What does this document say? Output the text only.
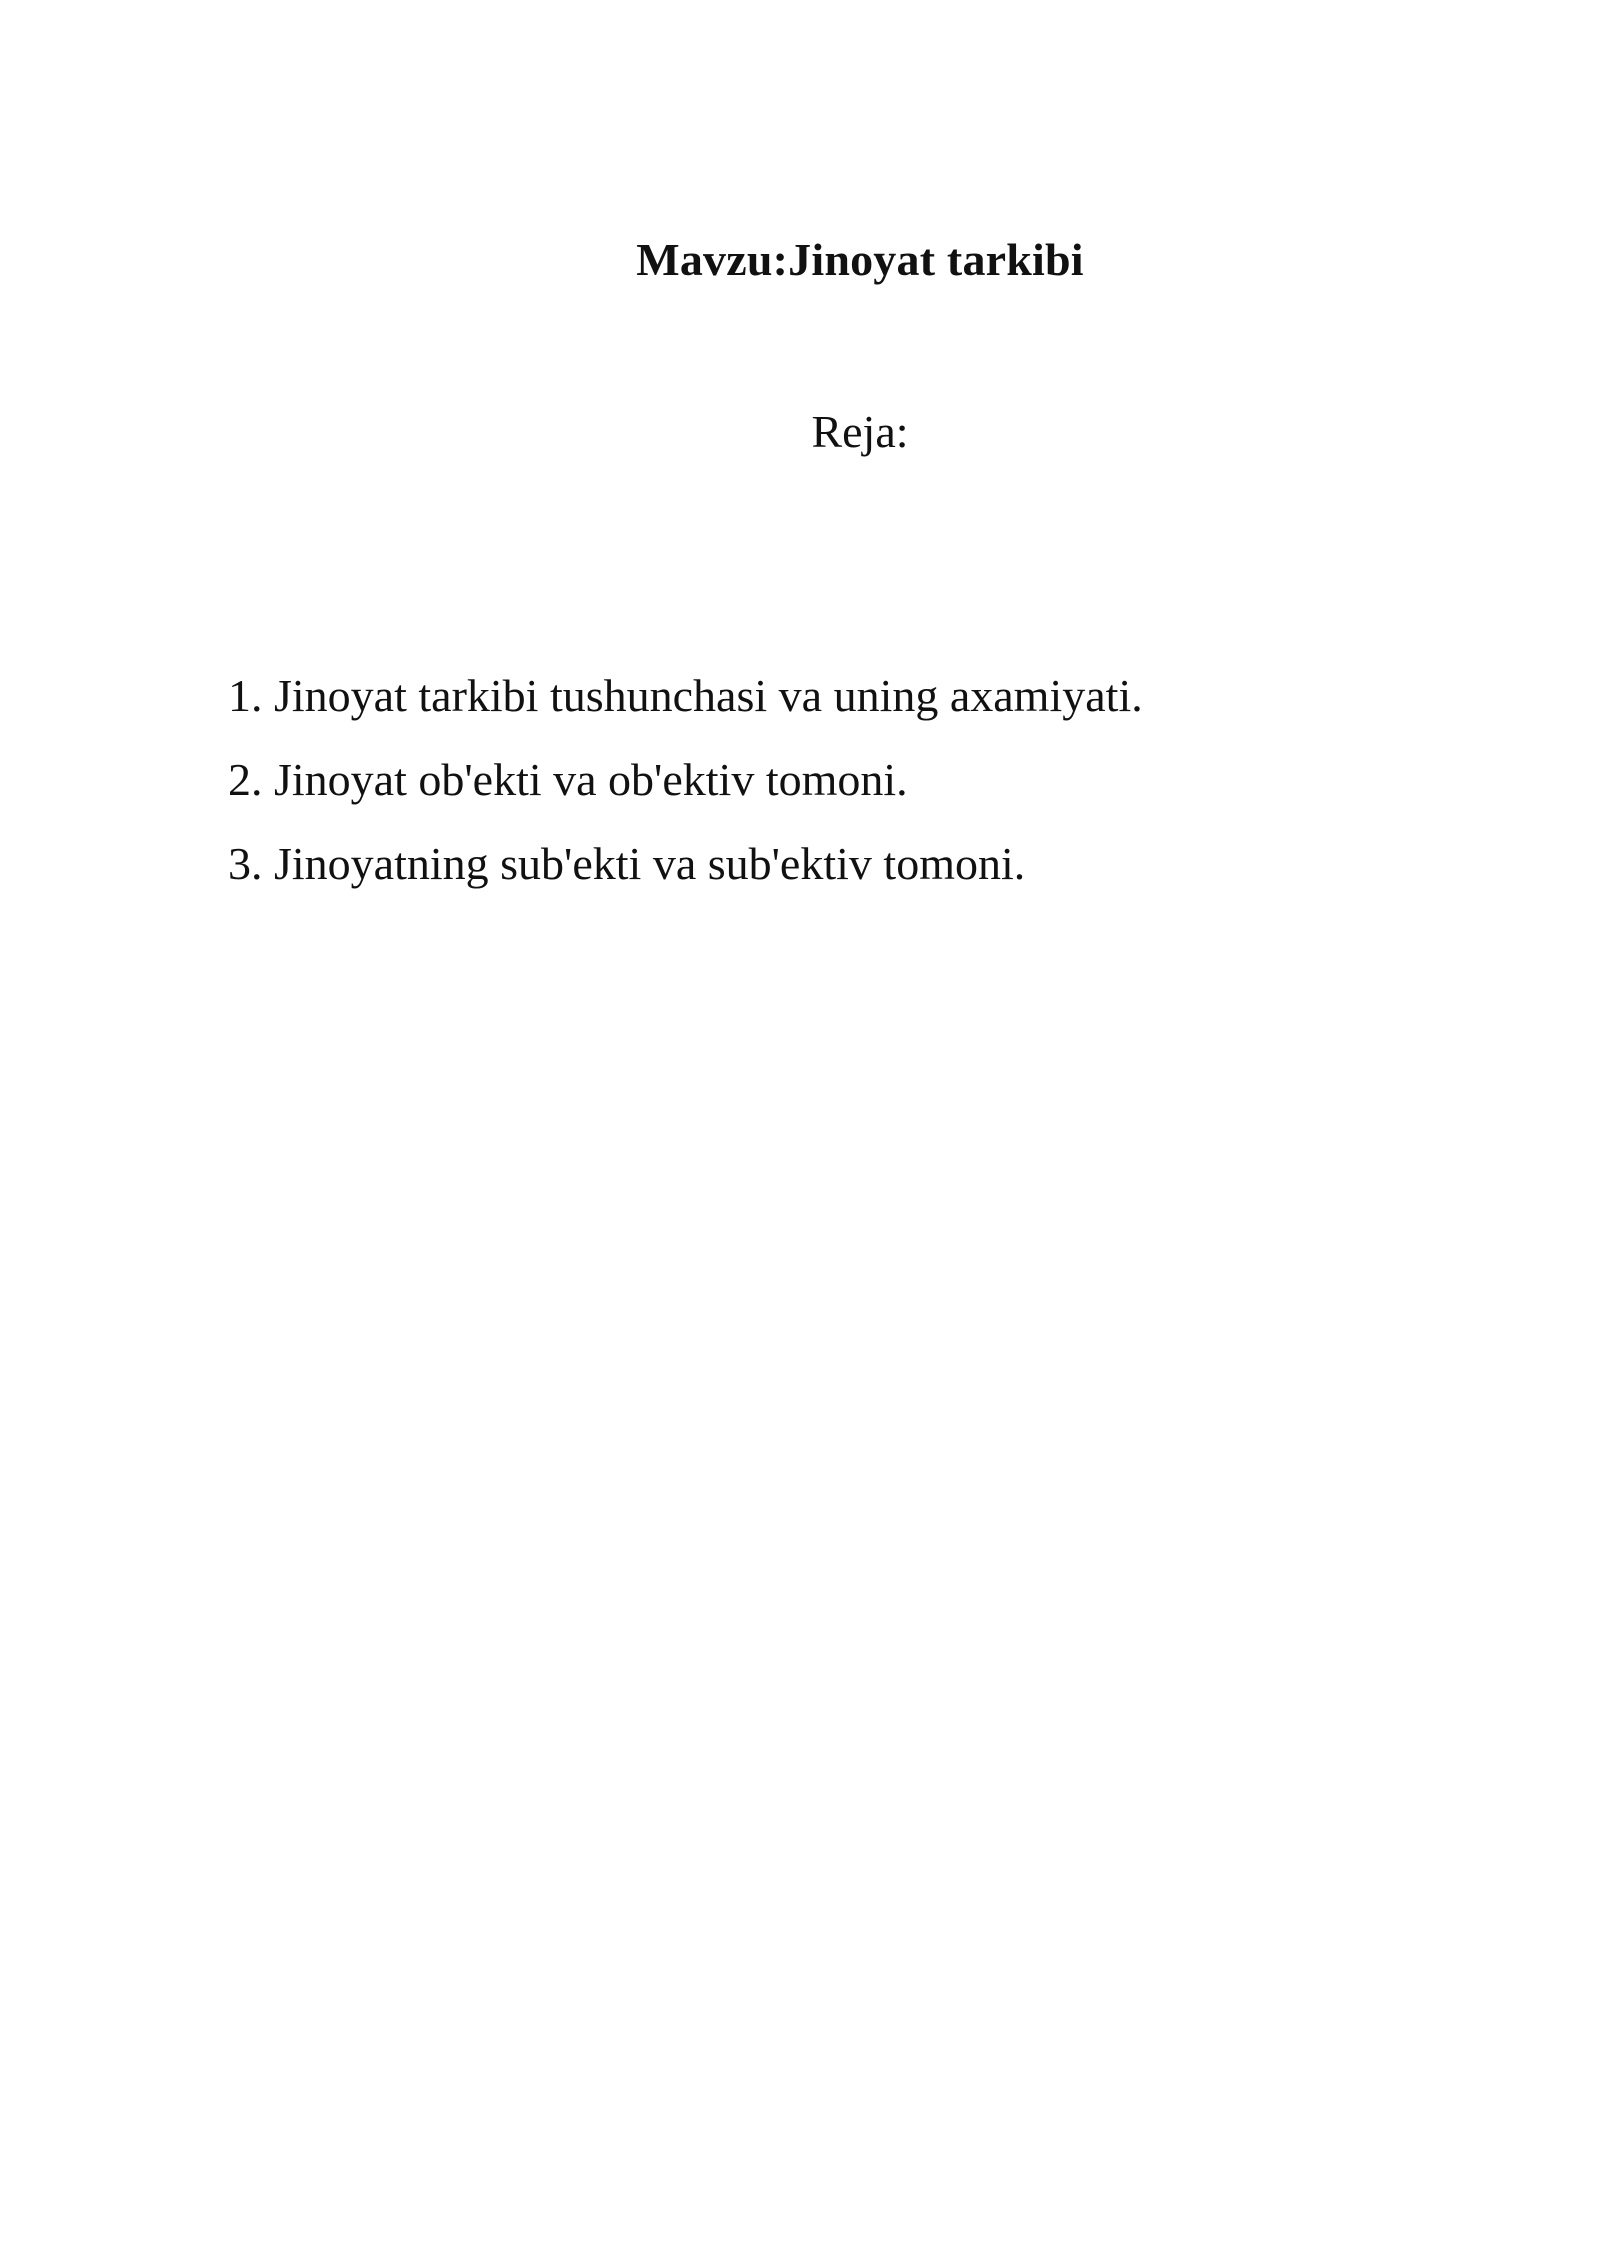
Mavzu:Jinoyat tarkibi

Reja:

1. Jinoyat tarkibi tushunchasi va uning axamiyati.
2. Jinoyat ob'ekti va ob'ektiv tomoni.
3. Jinoyatning sub'ekti va sub'ektiv tomoni.
